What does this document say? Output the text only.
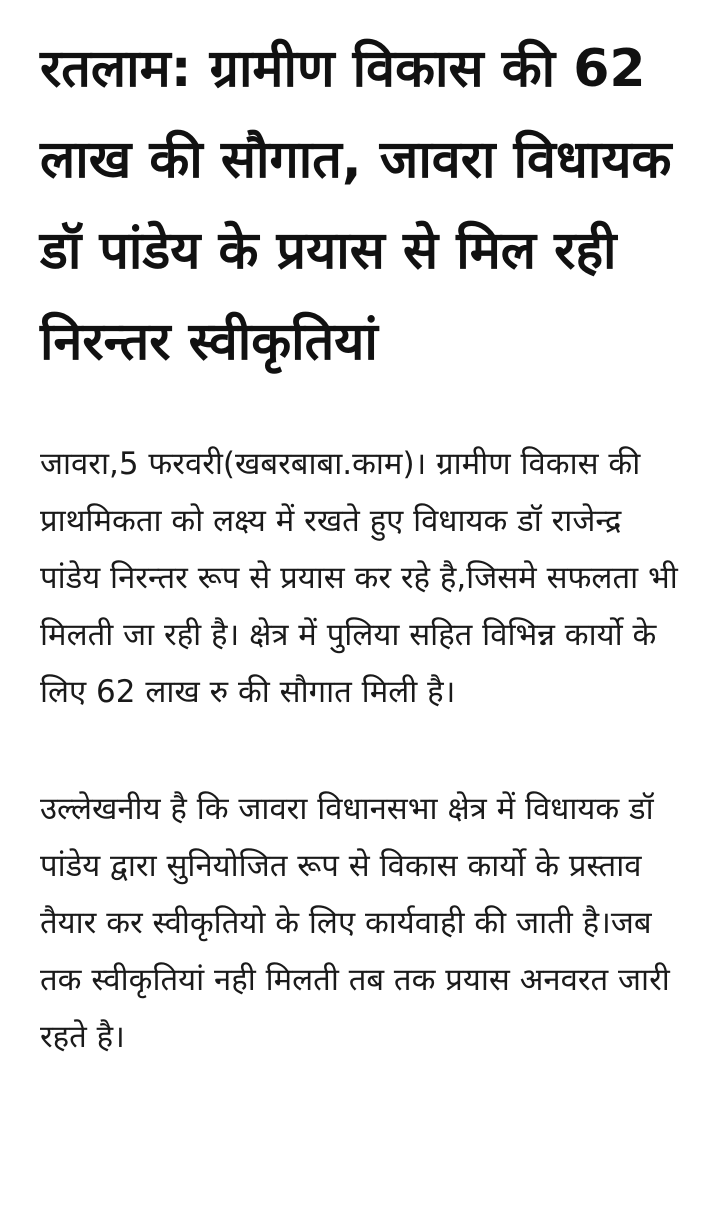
रतलाम: ग्रामीण विकास की 62 लाख की सौगात, जावरा विधायक डॉ पांडेय के प्रयास से मिल रही निरन्तर स्वीकृतियां

जावरा,5 फरवरी(खबरबाबा.काम)। ग्रामीण विकास की प्राथमिकता को लक्ष्य में रखते हुए विधायक डॉ राजेन्द्र पांडेय निरन्तर रूप से प्रयास कर रहे है,जिसमे सफलता भी मिलती जा रही है। क्षेत्र में पुलिया सहित विभिन्न कार्यो के लिए 62 लाख रु की सौगात मिली है।

उल्लेखनीय है कि जावरा विधानसभा क्षेत्र में विधायक डॉ पांडेय द्वारा सुनियोजित रूप से विकास कार्यो के प्रस्ताव तैयार कर स्वीकृतियो के लिए कार्यवाही की जाती है।जब तक स्वीकृतियां नही मिलती तब तक प्रयास अनवरत जारी रहते है।
